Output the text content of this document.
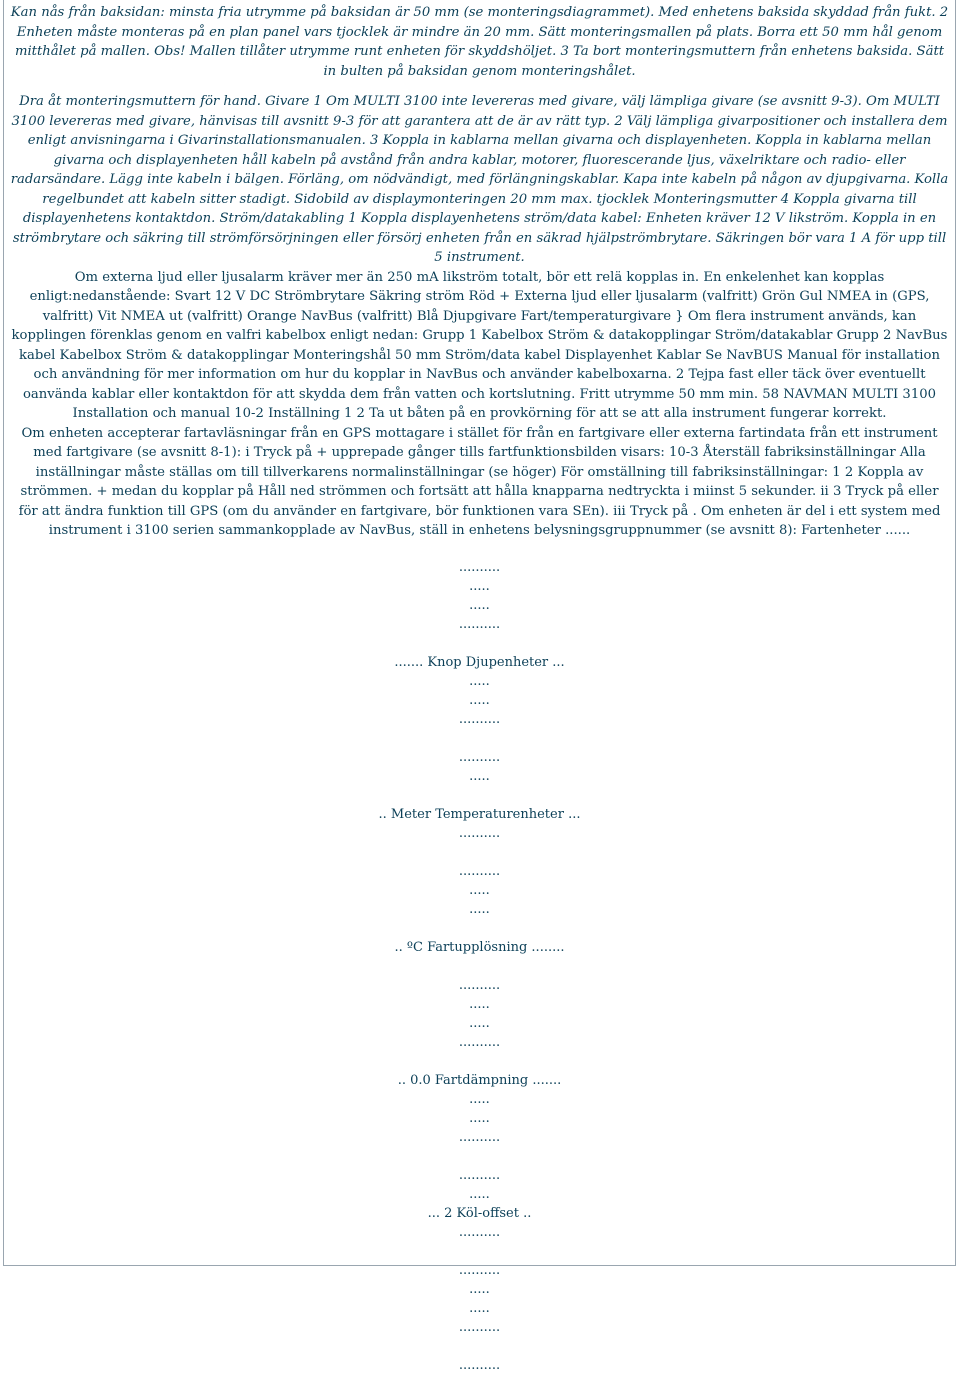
Kan nås från baksidan: minsta fria utrymme på baksidan är 50 mm (se monteringsdiagrammet). Med enhetens baksida skyddad från fukt. 2 Enheten måste monteras på en plan panel vars tjocklek är mindre än 20 mm. Sätt monteringsmallen på plats. Borra ett 50 mm hål genom mitthålet på mallen. Obs! Mallen tillåter utrymme runt enheten för skyddshöljet. 3 Ta bort monteringsmuttern från enhetens baksida. Sätt in bulten på baksidan genom monteringshålet.

Dra åt monteringsmuttern för hand. Givare 1 Om MULTI 3100 inte levereras med givare, välj lämpliga givare (se avsnitt 9-3). Om MULTI 3100 levereras med givare, hänvisas till avsnitt 9-3 för att garantera att de är av rätt typ. 2 Välj lämpliga givarpositioner och installera dem enligt anvisningarna i Givarinstallationsmanualen. 3 Koppla in kablarna mellan givarna och displayenheten. Koppla in kablarna mellan givarna och displayenheten håll kabeln på avstånd från andra kablar, motorer, fluorescerande ljus, växelriktare och radio- eller radarsändare. Lägg inte kabeln i bälgen. Förläng, om nödvändigt, med förlängningskablar. Kapa inte kabeln på någon av djupgivarna. Kolla regelbundet att kabeln sitter stadigt. Sidobild av displaymonteringen 20 mm max. tjocklek Monteringsmutter 4 Koppla givarna till displayenhetens kontaktdon. Ström/datakabling 1 Koppla displayenhetens ström/data kabel: Enheten kräver 12 V likström. Koppla in en strömbrytare och säkring till strömförsörjningen eller försörj enheten från en säkrad hjälpströmbrytare. Säkringen bör vara 1 A för upp till 5 instrument.

Om externa ljud eller ljusalarm kräver mer än 250 mA likström totalt, bör ett relä kopplas in. En enkelenhet kan kopplas enligt:nedanstående: Svart 12 V DC Strömbrytare Säkring ström Röd + Externa ljud eller ljusalarm (valfritt) Grön Gul NMEA in (GPS, valfritt) Vit NMEA ut (valfritt) Orange NavBus (valfritt) Blå Djupgivare Fart/temperaturgivare } Om flera instrument används, kan kopplingen förenklas genom en valfri kabelbox enligt nedan: Grupp 1 Kabelbox Ström & datakopplingar Ström/datakablar Grupp 2 NavBus kabel Kabelbox Ström & datakopplingar Monteringshål 50 mm Ström/data kabel Displayenhet Kablar Se NavBUS Manual för installation och användning för mer information om hur du kopplar in NavBus och använder kabelboxarna. 2 Tejpa fast eller täck över eventuellt oanvända kablar eller kontaktdon för att skydda dem från vatten och kortslutning. Fritt utrymme 50 mm min. 58 NAVMAN MULTI 3100 Installation och manual 10-2 Inställning 1 2 Ta ut båten på en provkörning för att se att alla instrument fungerar korrekt.

Om enheten accepterar fartavläsningar från en GPS mottagare i stället för från en fartgivare eller externa fartindata från ett instrument med fartgivare (se avsnitt 8-1): i Tryck på + upprepade gånger tills fartfunktionsbilden visars: 10-3 Återställ fabriksinställningar Alla inställningar måste ställas om till tillverkarens normalinställningar (se höger) För omställning till fabriksinställningar: 1 2 Koppla av strömmen. + medan du kopplar på Håll ned strömmen och fortsätt att hålla knapparna nedtryckta i miinst 5 sekunder. ii 3 Tryck på eller för att ändra funktion till GPS (om du använder en fartgivare, bör funktionen vara SEn). iii Tryck på . Om enheten är del i ett system med instrument i 3100 serien sammankopplade av NavBus, ställ in enhetens belysningsgruppnummer (se avsnitt 8): Fartenheter ......

..........
.....
.....
..........
....... Knop Djupenheter ...
.....
.....
..........
..........
.....
.. Meter Temperaturenheter ...
..........
..........
.....
.....
.. ºC Fartupplösning ........
..........
.....
.....
..........
.. 0.0 Fartdämpning .......
.....
.....
..........
..........
.....
... 2 Köl-offset ..
..........
..........
.....
.....
..........
..........
